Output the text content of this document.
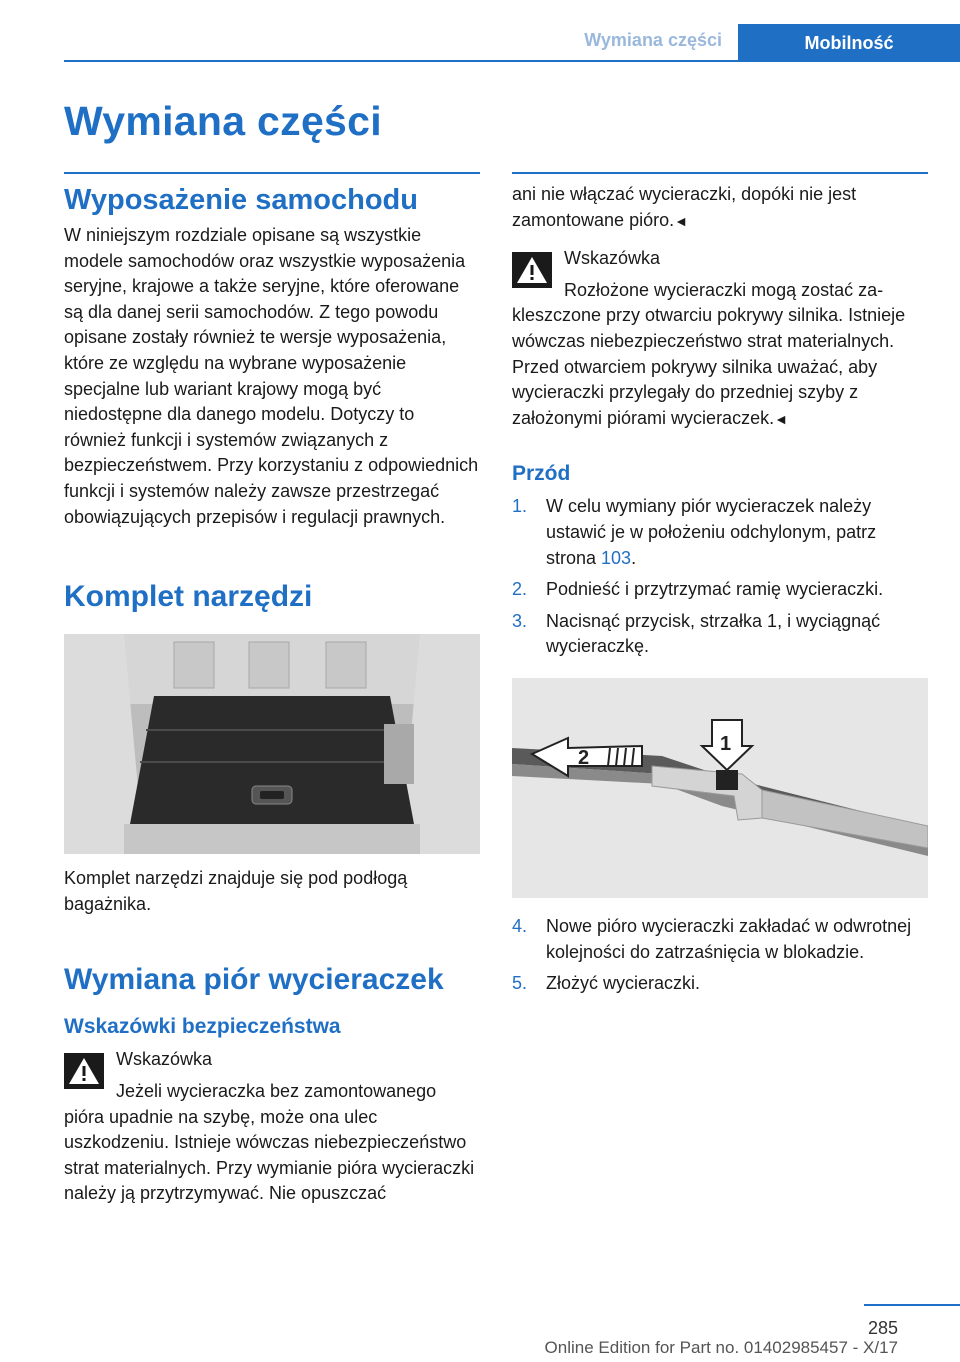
Wymiana części	Mobilność
Wymiana części
Wyposażenie samochodu

W niniejszym rozdziale opisane są wszystkie modele samochodów oraz wszystkie wyposażenia seryjne, krajowe a także seryjne, które oferowane są dla danej serii samochodów. Z tego powodu opisane zostały również te wersje wyposażenia, które ze względu na wybrane wyposażenie specjalne lub wariant krajowy mogą być niedostępne dla danego modelu. Dotyczy to również funkcji i systemów związanych z bezpieczeństwem. Przy korzystaniu z odpowiednich funkcji i systemów należy zawsze przestrzegać obowiązujących przepisów i regulacji prawnych.

Komplet narzędzi

Komplet narzędzi znajduje się pod podłogą bagażnika.

Wymiana piór wycieraczek
Wskazówki bezpieczeństwa

Wskazówka

Jeżeli wycieraczka bez zamontowanego
pióra upadnie na szybę, może ona ulec uszkodzeniu. Istnieje wówczas niebezpieczeństwo strat materialnych. Przy wymianie pióra wycieraczki należy ją przytrzymywać. Nie opuszczać

ani nie włączać wycieraczki, dopóki nie jest zamontowane pióro.◄

Wskazówka

Rozłożone wycieraczki mogą zostać za-
kleszczone przy otwarciu pokrywy silnika. Istnieje wówczas niebezpieczeństwo strat materialnych. Przed otwarciem pokrywy silnika uważać, aby wycieraczki przylegały do przedniej szyby z założonymi piórami wycieraczek.◄

Przód
1. W celu wymiany piór wycieraczek należy ustawić je w położeniu odchylonym, patrz strona 103.
2. Podnieść i przytrzymać ramię wycieraczki.
3. Nacisnąć przycisk, strzałka 1, i wyciągnąć wycieraczkę.
2
1
4. Nowe pióro wycieraczki zakładać w odwrotnej kolejności do zatrzaśnięcia w blokadzie.
5. Złożyć wycieraczki.
285
Online Edition for Part no. 01402985457 - X/17
